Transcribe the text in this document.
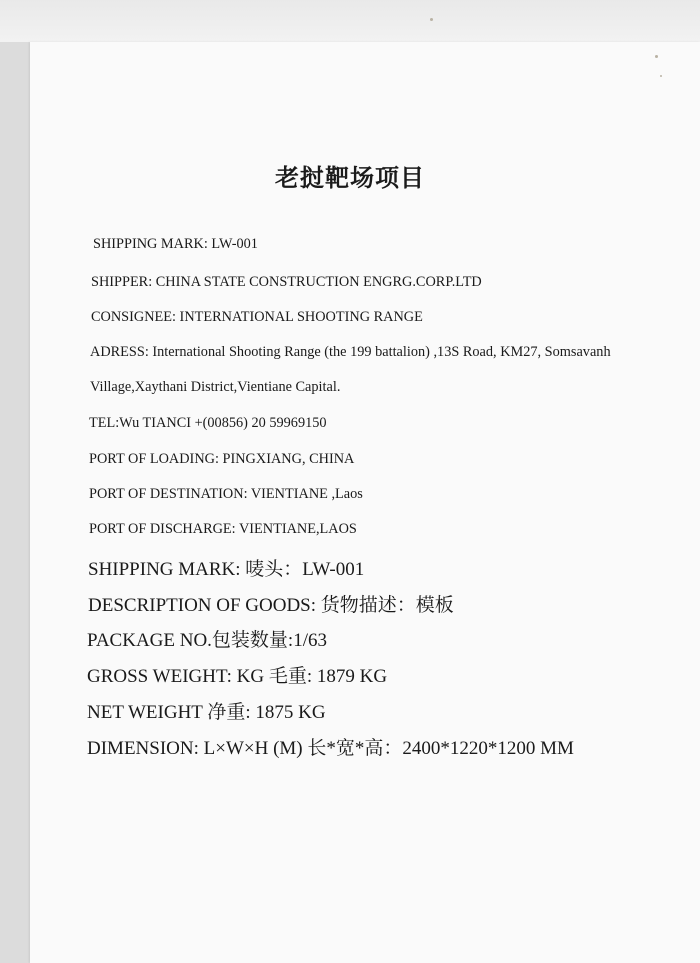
老挝靶场项目

SHIPPING MARK: LW-001

SHIPPER: CHINA STATE CONSTRUCTION ENGRG.CORP.LTD

CONSIGNEE: INTERNATIONAL SHOOTING RANGE

ADRESS: International Shooting Range (the 199 battalion) ,13S Road, KM27, Somsavanh

Village,Xaythani District,Vientiane Capital.

TEL:Wu TIANCI +(00856) 20 59969150

PORT OF LOADING: PINGXIANG, CHINA

PORT OF DESTINATION: VIENTIANE ,Laos

PORT OF DISCHARGE: VIENTIANE,LAOS

SHIPPING MARK: 唛头：LW-001

DESCRIPTION OF GOODS: 货物描述：模板

PACKAGE NO.包装数量:1/63

GROSS WEIGHT: KG 毛重: 1879 KG

NET WEIGHT 净重: 1875 KG

DIMENSION: L×W×H (M) 长*宽*高：2400*1220*1200 MM
